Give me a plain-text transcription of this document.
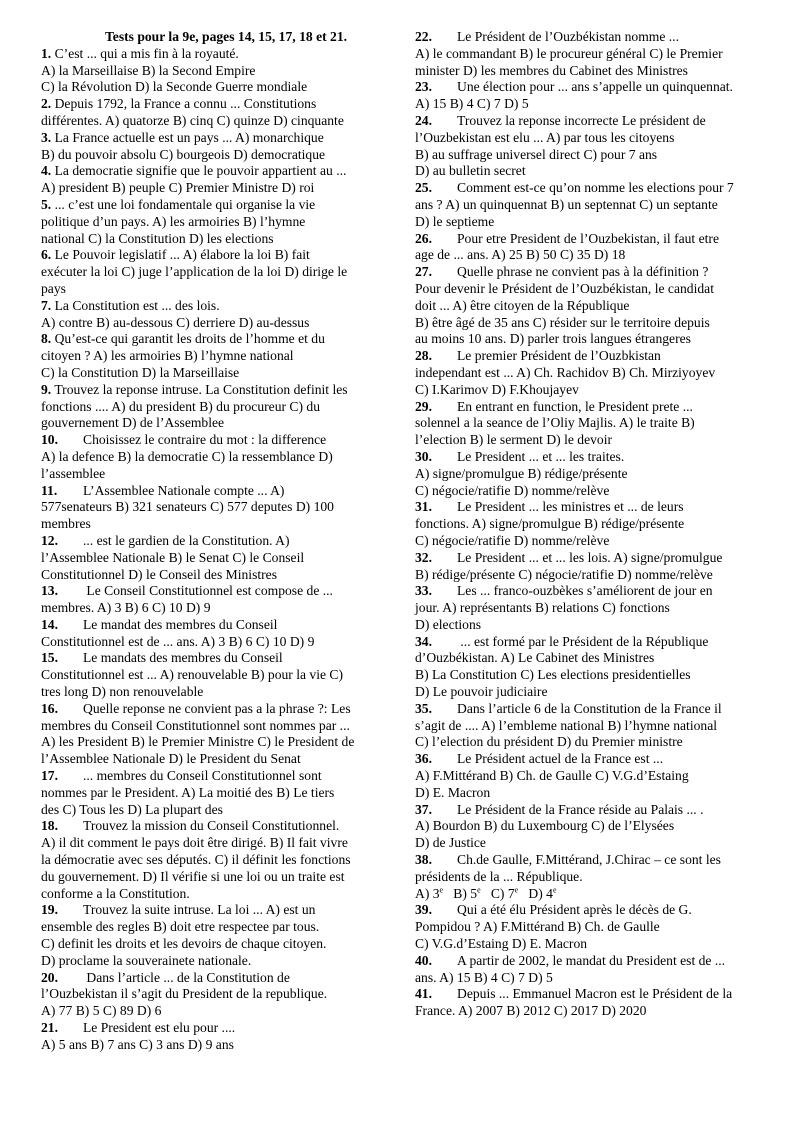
Tests pour la 9e, pages 14, 15, 17, 18 et 21.

1. C’est ... qui a mis fin à la royauté.

A) la Marseillaise B) la Second Empire

C) la Révolution D) la Seconde Guerre mondiale

2. Depuis 1792, la France a connu ... Constitutions

différentes. A) quatorze B) cinq C) quinze D) cinquante

3. La France actuelle est un pays ... A) monarchique

B) du pouvoir absolu C) bourgeois D) democratique

4. La democratie signifie que le pouvoir appartient au ...

A) president B) peuple C) Premier Ministre D) roi

5. ... c’est une loi fondamentale qui organise la vie

politique d’un pays. A) les armoiries B) l’hymne

national C) la Constitution D) les elections

6. Le Pouvoir legislatif ... A) élabore la loi B) fait

exécuter la loi C) juge l’application de la loi D) dirige le

pays

7. La Constitution est ... des lois.

A) contre B) au-dessous C) derriere D) au-dessus

8. Qu’est-ce qui garantit les droits de l’homme et du

citoyen ? A) les armoiries B) l’hymne national

C) la Constitution D) la Marseillaise

9. Trouvez la reponse intruse. La Constitution definit les

fonctions .... A) du president B) du procureur C) du

gouvernement D) de l’Assemblee

10. Choisissez le contraire du mot : la difference

A) la defence B) la democratie C) la ressemblance D)

l’assemblee

11. L’Assemblee Nationale compte ... A)

577senateurs B) 321 senateurs C) 577 deputes D) 100

membres

12. ... est le gardien de la Constitution. A)

l’Assemblee Nationale B) le Senat C) le Conseil

Constitutionnel D) le Conseil des Ministres

13. Le Conseil Constitutionnel est compose de ...

membres. A) 3 B) 6 C) 10 D) 9

14. Le mandat des membres du Conseil

Constitutionnel est de ... ans. A) 3 B) 6 C) 10 D) 9

15. Le mandats des membres du Conseil

Constitutionnel est ... A) renouvelable B) pour la vie C)

tres long D) non renouvelable

16. Quelle reponse ne convient pas a la phrase ?: Les

membres du Conseil Constitutionnel sont nommes par ...

A) les President B) le Premier Ministre C) le President de

l’Assemblee Nationale D) le President du Senat

17. ... membres du Conseil Constitutionnel sont

nommes par le President. A) La moitié des B) Le tiers

des C) Tous les D) La plupart des

18. Trouvez la mission du Conseil Constitutionnel.

A) il dit comment le pays doit être dirigé. B) Il fait vivre

la démocratie avec ses députés. C) il définit les fonctions

du gouvernement. D) Il vérifie si une loi ou un traite est

conforme a la Constitution.

19. Trouvez la suite intruse. La loi ... A) est un

ensemble des regles B) doit etre respectee par tous.

C) definit les droits et les devoirs de chaque citoyen.

D) proclame la souverainete nationale.

20. Dans l’article ... de la Constitution de

l’Ouzbekistan il s’agit du President de la republique.

A) 77 B) 5 C) 89 D) 6

21. Le President est elu pour ....

A) 5 ans B) 7 ans C) 3 ans D) 9 ans

22. Le Président de l’Ouzbékistan nomme ...

A) le commandant B) le procureur général C) le Premier

minister D) les membres du Cabinet des Ministres

23. Une élection pour ... ans s’appelle un quinquennat.

A) 15 B) 4 C) 7 D) 5

24. Trouvez la reponse incorrecte Le président de

l’Ouzbekistan est elu ... A) par tous les citoyens

B) au suffrage universel direct C) pour 7 ans

D) au bulletin secret

25. Comment est-ce qu’on nomme les elections pour 7

ans ? A) un quinquennat B) un septennat C) un septante

D) le septieme

26. Pour etre President de l’Ouzbekistan, il faut etre

age de ... ans. A) 25 B) 50 C) 35 D) 18

27. Quelle phrase ne convient pas à la définition ?

Pour devenir le Président de l’Ouzbékistan, le candidat

doit ... A) être citoyen de la République

B) être âgé de 35 ans C) résider sur le territoire depuis

au moins 10 ans. D) parler trois langues étrangeres

28. Le premier Président de l’Ouzbkistan

independant est ... A) Ch. Rachidov B) Ch. Mirziyoyev

C) I.Karimov D) F.Khoujayev

29. En entrant en function, le President prete ...

solennel a la seance de l’Oliy Majlis. A) le traite B)

l’election B) le serment D) le devoir

30. Le President ... et ... les traites.

A) signe/promulgue B) rédige/présente

C) négocie/ratifie D) nomme/relève

31. Le President ... les ministres et ... de leurs

fonctions. A) signe/promulgue B) rédige/présente

C) négocie/ratifie D) nomme/relève

32. Le President ... et ... les lois. A) signe/promulgue

B) rédige/présente C) négocie/ratifie D) nomme/relève

33. Les ... franco-ouzbèkes s’améliorent de jour en

jour. A) représentants B) relations C) fonctions

D) elections

34. ... est formé par le Président de la République

d’Ouzbékistan. A) Le Cabinet des Ministres

B) La Constitution C) Les elections presidentielles

D) Le pouvoir judiciaire

35. Dans l’article 6 de la Constitution de la France il

s’agit de .... A) l’embleme national B) l’hymne national

C) l’election du président D) du Premier ministre

36. Le Président actuel de la France est ...

A) F.Mittérand B) Ch. de Gaulle C) V.G.d’Estaing

D) E. Macron

37. Le Président de la France réside au Palais ... .

A) Bourdon B) du Luxembourg C) de l’Elysées

D) de Justice

38. Ch.de Gaulle, F.Mittérand, J.Chirac – ce sont les

présidents de la ... République.

A) 3e   B) 5e   C) 7e   D) 4e

39. Qui a été élu Président après le décès de G.

Pompidou ? A) F.Mittérand B) Ch. de Gaulle

C) V.G.d’Estaing D) E. Macron

40. A partir de 2002, le mandat du President est de ...

ans. A) 15 B) 4 C) 7 D) 5

41. Depuis ... Emmanuel Macron est le Président de la

France. A) 2007 B) 2012 C) 2017 D) 2020
